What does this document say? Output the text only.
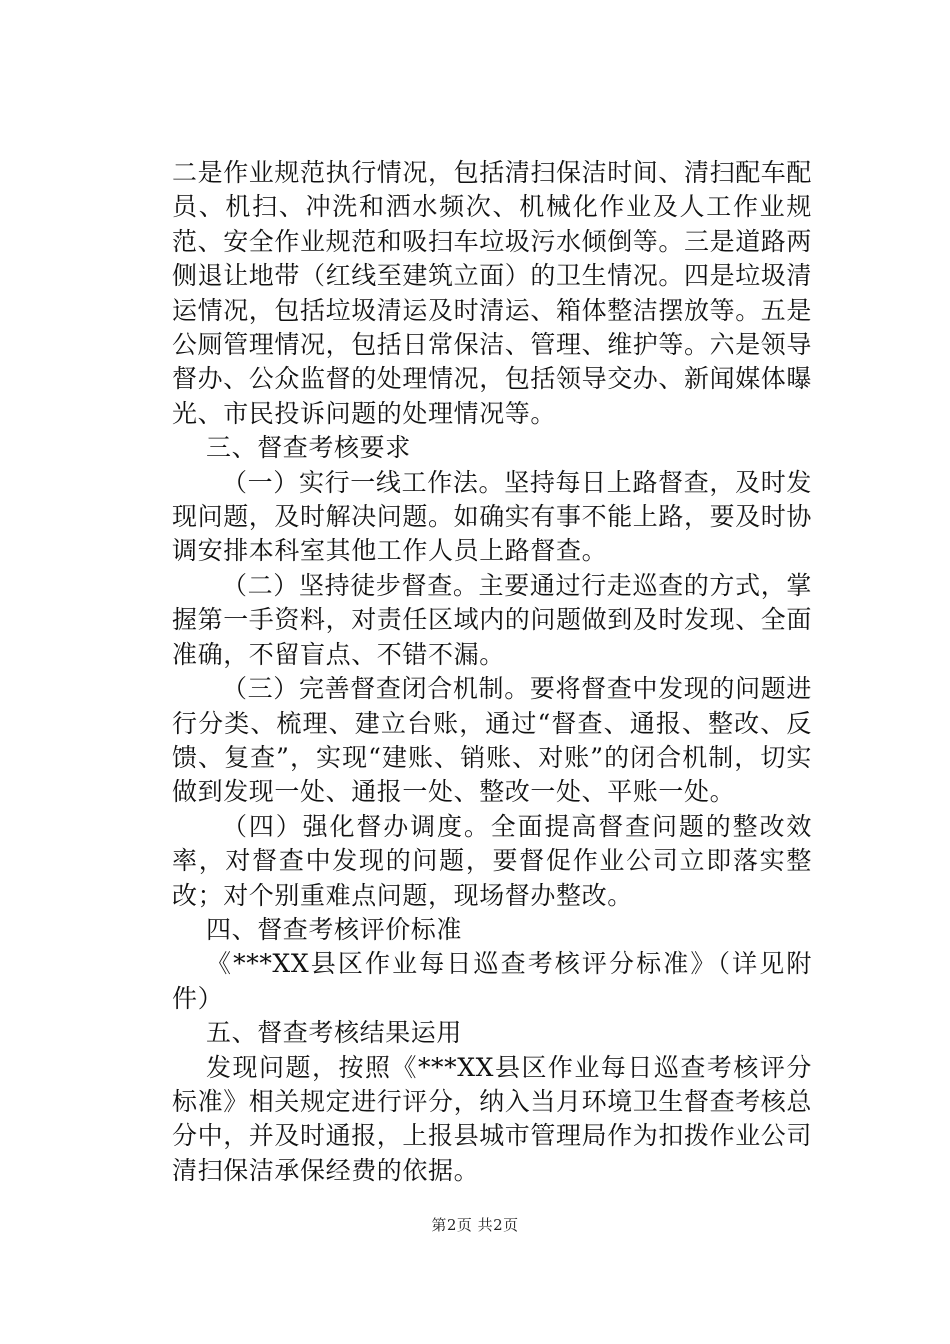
二是作业规范执行情况，包括清扫保洁时间、清扫配车配员、机扫、冲洗和洒水频次、机械化作业及人工作业规范、安全作业规范和吸扫车垃圾污水倾倒等。三是道路两侧退让地带（红线至建筑立面）的卫生情况。四是垃圾清运情况，包括垃圾清运及时清运、箱体整洁摆放等。五是公厕管理情况，包括日常保洁、管理、维护等。六是领导督办、公众监督的处理情况，包括领导交办、新闻媒体曝光、市民投诉问题的处理情况等。

三、督查考核要求

（一）实行一线工作法。坚持每日上路督查，及时发现问题，及时解决问题。如确实有事不能上路，要及时协调安排本科室其他工作人员上路督查。

（二）坚持徒步督查。主要通过行走巡查的方式，掌握第一手资料，对责任区域内的问题做到及时发现、全面准确，不留盲点、不错不漏。

（三）完善督查闭合机制。要将督查中发现的问题进行分类、梳理、建立台账，通过“督查、通报、整改、反馈、复查”，实现“建账、销账、对账”的闭合机制，切实做到发现一处、通报一处、整改一处、平账一处。

（四）强化督办调度。全面提高督查问题的整改效率，对督查中发现的问题，要督促作业公司立即落实整改；对个别重难点问题，现场督办整改。

四、督查考核评价标准

《***XX县区作业每日巡查考核评分标准》（详见附件）

五、督查考核结果运用

发现问题，按照《***XX县区作业每日巡查考核评分标准》相关规定进行评分，纳入当月环境卫生督查考核总分中，并及时通报，上报县城市管理局作为扣拨作业公司清扫保洁承保经费的依据。

第2页 共2页
